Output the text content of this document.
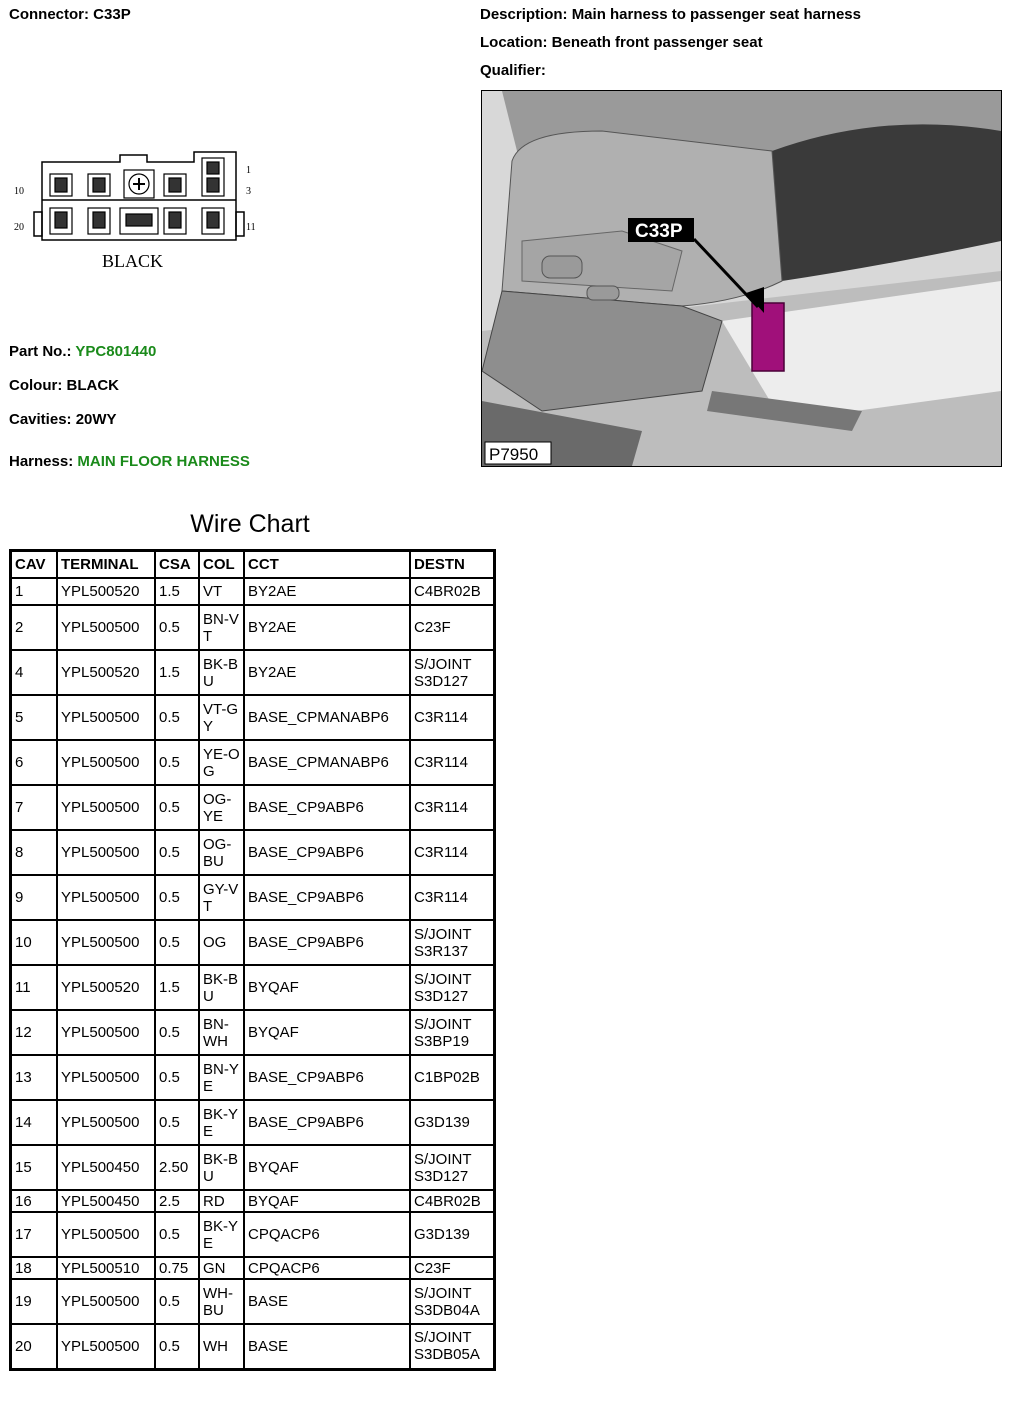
Connector: C33P	Description: Main harness to passenger seat harness
Location: Beneath front passenger seat
Qualifier:
1
3
10
20	11
BLACK
C33P
P7950
Part No.: YPC801440
Colour: BLACK
Cavities: 20WY
Harness: MAIN FLOOR HARNESS
Wire Chart
CAV	TERMINAL	CSA	COL	CCT	DESTN
1	YPL500520	1.5	VT	BY2AE	C4BR02B
2	YPL500500	0.5	BN-VT	BY2AE	C23F
4	YPL500520	1.5	BK-BU	BY2AE	S/JOINT S3D127
5	YPL500500	0.5	VT-GY	BASE_CPMANABP6	C3R114
6	YPL500500	0.5	YE-OG	BASE_CPMANABP6	C3R114
7	YPL500500	0.5	OG-YE	BASE_CP9ABP6	C3R114
8	YPL500500	0.5	OG-BU	BASE_CP9ABP6	C3R114
9	YPL500500	0.5	GY-VT	BASE_CP9ABP6	C3R114
10	YPL500500	0.5	OG	BASE_CP9ABP6	S/JOINT S3R137
11	YPL500520	1.5	BK-BU	BYQAF	S/JOINT S3D127
12	YPL500500	0.5	BN-WH	BYQAF	S/JOINT S3BP19
13	YPL500500	0.5	BN-YE	BASE_CP9ABP6	C1BP02B
14	YPL500500	0.5	BK-YE	BASE_CP9ABP6	G3D139
15	YPL500450	2.50	BK-BU	BYQAF	S/JOINT S3D127
16	YPL500450	2.5	RD	BYQAF	C4BR02B
17	YPL500500	0.5	BK-YE	CPQACP6	G3D139
18	YPL500510	0.75	GN	CPQACP6	C23F
19	YPL500500	0.5	WH-BU	BASE	S/JOINT S3DB04A
20	YPL500500	0.5	WH	BASE	S/JOINT S3DB05A
